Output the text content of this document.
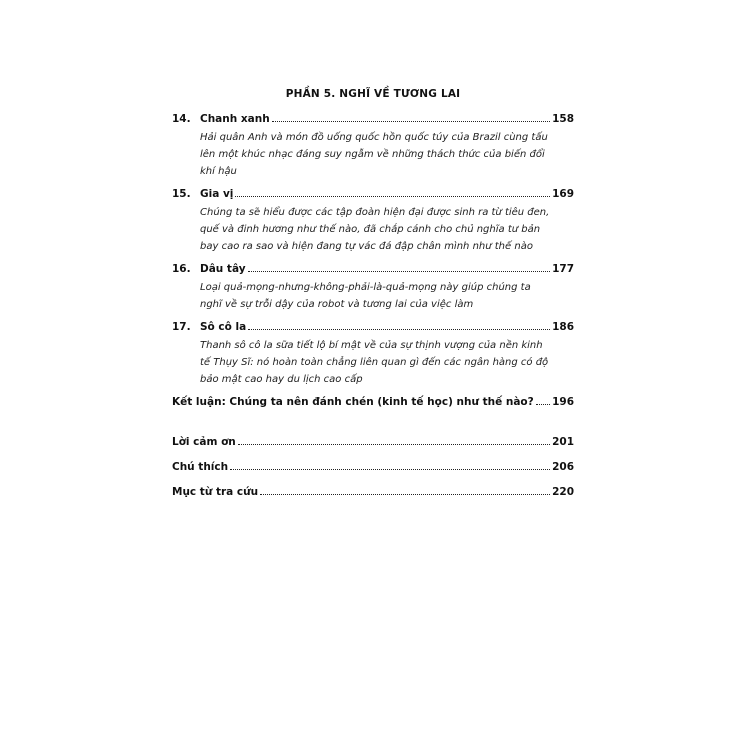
PHẦN 5. NGHĨ VỀ TƯƠNG LAI
14. Chanh xanh	158
Hải quân Anh và món đồ uống quốc hồn quốc túy của Brazil cùng tấu lên một khúc nhạc đáng suy ngẫm về những thách thức của biến đổi khí hậu
15. Gia vị	169
Chúng ta sẽ hiểu được các tập đoàn hiện đại được sinh ra từ tiêu đen, quế và đinh hương như thế nào, đã chắp cánh cho chủ nghĩa tư bản bay cao ra sao và hiện đang tự vác đá đập chân mình như thế nào
16. Dâu tây	177
Loại quả-mọng-nhưng-không-phải-là-quả-mọng này giúp chúng ta nghĩ về sự trỗi dậy của robot và tương lai của việc làm
17. Sô cô la	186
Thanh sô cô la sữa tiết lộ bí mật về của sự thịnh vượng của nền kinh tế Thụy Sĩ: nó hoàn toàn chẳng liên quan gì đến các ngân hàng có độ bảo mật cao hay du lịch cao cấp
Kết luận: Chúng ta nên đánh chén (kinh tế học) như thế nào? 196
Lời cảm ơn	201
Chú thích	206
Mục từ tra cứu	220
